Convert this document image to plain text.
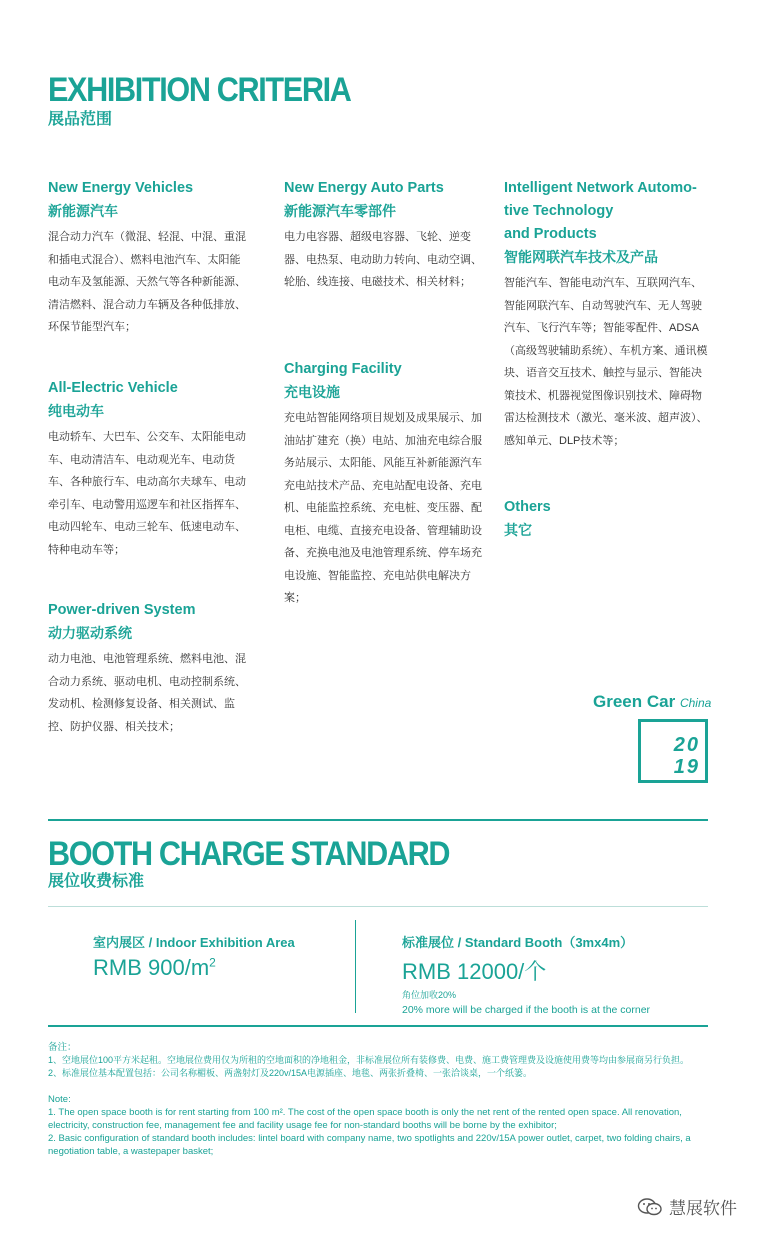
EXHIBITION CRITERIA
展品范围
New Energy Vehicles
新能源汽车
混合动力汽车（微混、轻混、中混、重混和插电式混合）、燃料电池汽车、太阳能电动车及氢能源、天然气等各种新能源、清洁燃料、混合动力车辆及各种低排放、环保节能型汽车；
All-Electric Vehicle
纯电动车
电动轿车、大巴车、公交车、太阳能电动车、电动清洁车、电动观光车、电动货车、各种旅行车、电动高尔夫球车、电动牵引车、电动警用巡逻车和社区指挥车、电动四轮车、电动三轮车、低速电动车、特种电动车等；
Power-driven System
动力驱动系统
动力电池、电池管理系统、燃料电池、混合动力系统、驱动电机、电动控制系统、发动机、检测修复设备、相关测试、监控、防护仪器、相关技术；
New Energy Auto Parts
新能源汽车零部件
电力电容器、超级电容器、飞轮、逆变器、电热泵、电动助力转向、电动空调、轮胎、线连接、电磁技术、相关材料；
Charging Facility
充电设施
充电站智能网络项目规划及成果展示、加油站扩建充（换）电站、加油充电综合服务站展示、太阳能、风能互补新能源汽车充电站技术产品、充电站配电设备、充电机、电能监控系统、充电桩、变压器、配电柜、电缆、直接充电设备、管理辅助设备、充换电池及电池管理系统、停车场充电设施、智能监控、充电站供电解决方案；
Intelligent Network Automo-
tive Technology
and Products
智能网联汽车技术及产品
智能汽车、智能电动汽车、互联网汽车、智能网联汽车、自动驾驶汽车、无人驾驶汽车、飞行汽车等；智能零配件、ADSA（高级驾驶辅助系统）、车机方案、通讯模块、语音交互技术、触控与显示、智能决策技术、机器视觉图像识别技术、障碍物雷达检测技术（激光、毫米波、超声波）、感知单元、DLP技术等；
Others
其它
Green Car China
20
19
BOOTH CHARGE STANDARD
展位收费标准
室内展区 / Indoor Exhibition Area
RMB $900/m^2$
标准展位 / Standard Booth（3mx4m）
RMB 12000/个
角位加收20%
20% more will be charged if the booth is at the corner
备注：
1、空地展位100平方米起租。空地展位费用仅为所租的空地面积的净地租金，非标准展位所有装修费、电费、施工费管理费及设施使用费等均由参展商另行负担。
2、标准展位基本配置包括：公司名称楣板、两盏射灯及220v/15A电源插座、地毯、两张折叠椅、一张洽谈桌，一个纸篓。
Note:
1. The open space booth is for rent starting from 100 m². The cost of the open space booth is only the net rent of the rented open space. All renovation, electricity, construction fee, management fee and facility usage fee for non-standard booths will be borne by the exhibitor;
2. Basic configuration of standard booth includes: lintel board with company name, two spotlights and 220v/15A power outlet, carpet, two folding chairs, a negotiation table, a wastepaper basket;
慧展软件
